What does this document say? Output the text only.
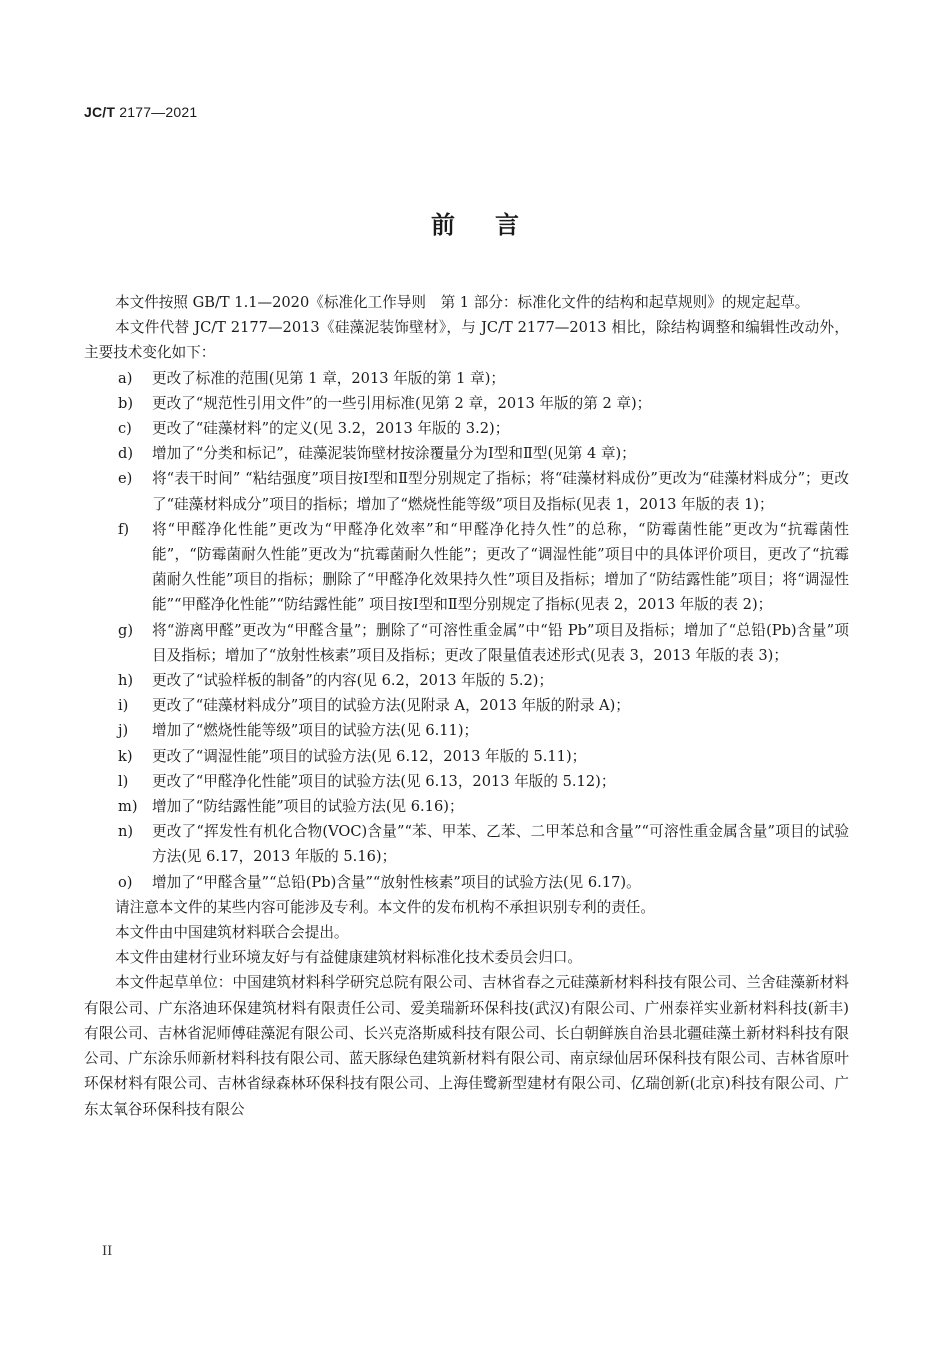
JC/T 2177—2021
前言

本文件按照 GB/T 1.1—2020《标准化工作导则　第 1 部分：标准化文件的结构和起草规则》的规定起草。

本文件代替 JC/T 2177—2013《硅藻泥装饰壁材》，与 JC/T 2177—2013 相比，除结构调整和编辑性改动外，主要技术变化如下：

a)	更改了标准的范围(见第 1 章，2013 年版的第 1 章)；
b)	更改了“规范性引用文件”的一些引用标准(见第 2 章，2013 年版的第 2 章)；
c)	更改了“硅藻材料”的定义(见 3.2，2013 年版的 3.2)；
d)	增加了“分类和标记”，硅藻泥装饰壁材按涂覆量分为Ⅰ型和Ⅱ型(见第 4 章)；
e)	将“表干时间” “粘结强度”项目按Ⅰ型和Ⅱ型分别规定了指标；将“硅藻材料成份”更改为“硅藻材料成分”；更改了“硅藻材料成分”项目的指标；增加了“燃烧性能等级”项目及指标(见表 1，2013 年版的表 1)；
f)	将“甲醛净化性能”更改为“甲醛净化效率”和“甲醛净化持久性”的总称，“防霉菌性能”更改为“抗霉菌性能”，“防霉菌耐久性能”更改为“抗霉菌耐久性能”；更改了“调湿性能”项目中的具体评价项目，更改了“抗霉菌耐久性能”项目的指标；删除了“甲醛净化效果持久性”项目及指标；增加了“防结露性能”项目；将“调湿性能”“甲醛净化性能”“防结露性能” 项目按Ⅰ型和Ⅱ型分别规定了指标(见表 2，2013 年版的表 2)；
g)	将“游离甲醛”更改为“甲醛含量”；删除了“可溶性重金属”中“铅 Pb”项目及指标；增加了“总铅(Pb)含量”项目及指标；增加了“放射性核素”项目及指标；更改了限量值表述形式(见表 3，2013 年版的表 3)；
h)	更改了“试验样板的制备”的内容(见 6.2，2013 年版的 5.2)；
i)	更改了“硅藻材料成分”项目的试验方法(见附录 A，2013 年版的附录 A)；
j)	增加了“燃烧性能等级”项目的试验方法(见 6.11)；
k)	更改了“调湿性能”项目的试验方法(见 6.12，2013 年版的 5.11)；
l)	更改了“甲醛净化性能”项目的试验方法(见 6.13，2013 年版的 5.12)；
m) 增加了“防结露性能”项目的试验方法(见 6.16)；
n)	更改了“挥发性有机化合物(VOC)含量”“苯、甲苯、乙苯、二甲苯总和含量”“可溶性重金属含量”项目的试验方法(见 6.17，2013 年版的 5.16)；
o)	增加了“甲醛含量”“总铅(Pb)含量”“放射性核素”项目的试验方法(见 6.17)。

请注意本文件的某些内容可能涉及专利。本文件的发布机构不承担识别专利的责任。

本文件由中国建筑材料联合会提出。

本文件由建材行业环境友好与有益健康建筑材料标准化技术委员会归口。

本文件起草单位：中国建筑材料科学研究总院有限公司、吉林省春之元硅藻新材料科技有限公司、兰舍硅藻新材料有限公司、广东洛迪环保建筑材料有限责任公司、爱美瑞新环保科技(武汉)有限公司、广州泰祥实业新材料科技(新丰)有限公司、吉林省泥师傅硅藻泥有限公司、长兴克洛斯威科技有限公司、长白朝鲜族自治县北疆硅藻土新材料科技有限公司、广东涂乐师新材料科技有限公司、蓝天豚绿色建筑新材料有限公司、南京绿仙居环保科技有限公司、吉林省原叶环保材料有限公司、吉林省绿森林环保科技有限公司、上海佳鹭新型建材有限公司、亿瑞创新(北京)科技有限公司、广东太氧谷环保科技有限公

II
